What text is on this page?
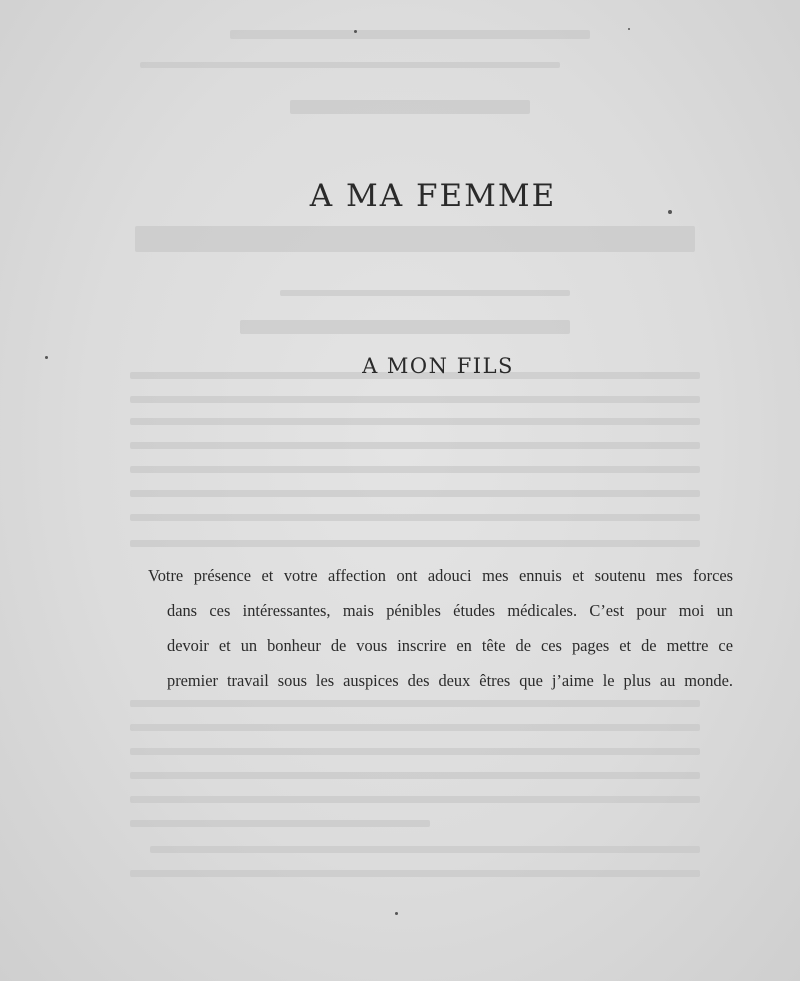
A MA FEMME
A MON FILS
Votre présence et votre affection ont adouci mes ennuis et soutenu mes forces
dans ces intéressantes, mais pénibles études médicales. C’est pour moi un
devoir et un bonheur de vous inscrire en tête de ces pages et de mettre ce
premier travail sous les auspices des deux êtres que j’aime le plus au monde.
